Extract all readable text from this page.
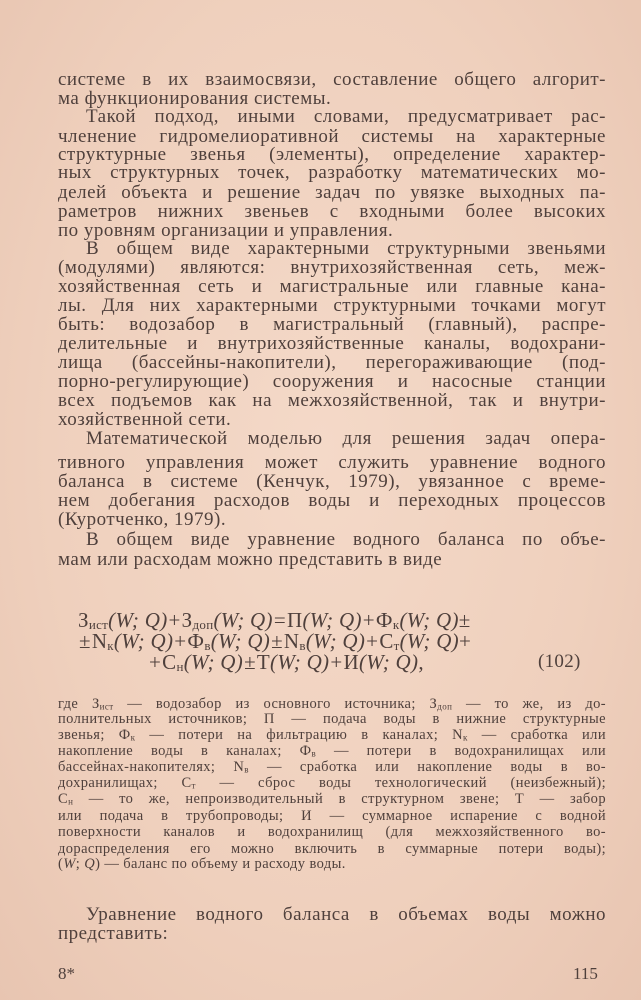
системе в их взаимосвязи, составление общего алгорит-
ма функционирования системы.
Такой подход, иными словами, предусматривает рас-
членение гидромелиоративной системы на характерные
структурные звенья (элементы), определение характер-
ных структурных точек, разработку математических мо-
делей объекта и решение задач по увязке выходных па-
раметров нижних звеньев с входными более высоких
по уровням организации и управления.
В общем виде характерными структурными звеньями
(модулями) являются: внутрихозяйственная сеть, меж-
хозяйственная сеть и магистральные или главные кана-
лы. Для них характерными структурными точками могут
быть: водозабор в магистральный (главный), распре-
делительные и внутрихозяйственные каналы, водохрани-
лища (бассейны-накопители), перегораживающие (под-
порно-регулирующие) сооружения и насосные станции
всех подъемов как на межхозяйственной, так и внутри-
хозяйственной сети.
Математической моделью для решения задач опера-
тивного управления может служить уравнение водного
баланса в системе (Кенчук, 1979), увязанное с време-
нем добегания расходов воды и переходных процессов
(Куротченко, 1979).
В общем виде уравнение водного баланса по объе-
мам или расходам можно представить в виде
$З_{ист}(W$; $Q)+З_{доп}(W$; Q)=П(W; $Q)+Ф_к(W$; Q)±
$\pm N_к(W$; $Q)+Ф_в(W$; $Q)\pm N_в(W$; $Q)+С_т(W$; Q)+
$+С_н(W$; Q)±Т(W; Q)+И(W; Q),	(102)
где $З_{ист}$ — водозабор из основного источника; $З_{доп}$ — то же, из до-
полнительных источников; П — подача воды в нижние структурные
звенья; $Ф_к$ — потери на фильтрацию в каналах; $N_к$ — сработка или
накопление воды в каналах; $Ф_в$ — потери в водохранилищах или
бассейнах-накопителях; $N_в$ — сработка или накопление воды в во-
дохранилищах; $С_т$ — сброс воды технологический (неизбежный);
$С_н$ — то же, непроизводительный в структурном звене; Т — забор
или подача в трубопроводы; И — суммарное испарение с водной
поверхности каналов и водохранилищ (для межхозяйственного во-
дораспределения его можно включить в суммарные потери воды);
(W; Q) — баланс по объему и расходу воды.
Уравнение водного баланса в объемах воды можно
представить:
8*	115
